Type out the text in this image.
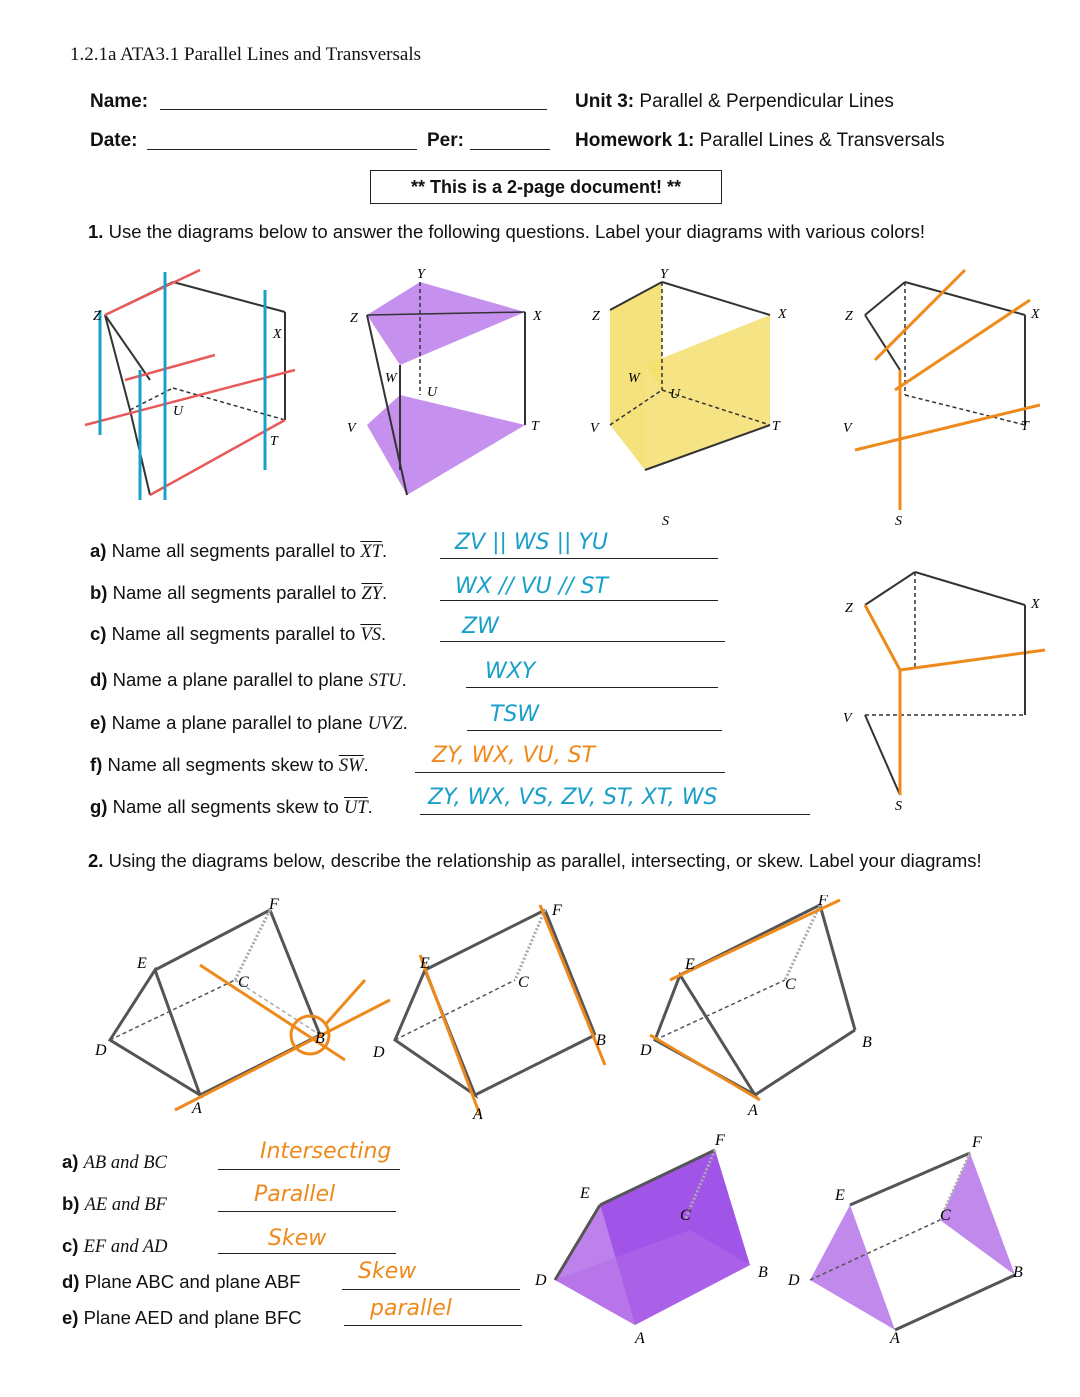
1.2.1a ATA3.1 Parallel Lines and Transversals
Name:
Date:	Per:
Unit 3: Parallel & Perpendicular Lines
Homework 1: Parallel Lines & Transversals
** This is a 2-page document! **
1. Use the diagrams below to answer the following questions. Label your diagrams with various colors!
Z
X
U
T
Z
Y
X
W
U
V	T
Z
Y
X
W
U
V	T
S
Z	X
V	T
S
Z	X
V
S
a) Name all segments parallel to $\overline{XT}$.	ZV || WS || YU
b) Name all segments parallel to $\overline{ZY}$.	WX // VU // ST
c) Name all segments parallel to $\overline{VS}$.	ZW
d) Name a plane parallel to plane STU.	WXY
e) Name a plane parallel to plane UVZ.	TSW
f) Name all segments skew to $\overline{SW}$.	ZY, WX, VU, ST
g) Name all segments skew to $\overline{UT}$.	ZY, WX, VS, ZV, ST, XT, WS
2. Using the diagrams below, describe the relationship as parallel, intersecting, or skew. Label your diagrams!
D
E
F
C
B
A
D
E
F
C
B
A
D
E
F
C
B
A
D
E
F
C
B
A
D
E
F
C
B
A
a) AB and BC	Intersecting
b) AE and BF	Parallel
c) EF and AD	Skew
d) Plane ABC and plane ABF	Skew
e) Plane AED and plane BFC	parallel
